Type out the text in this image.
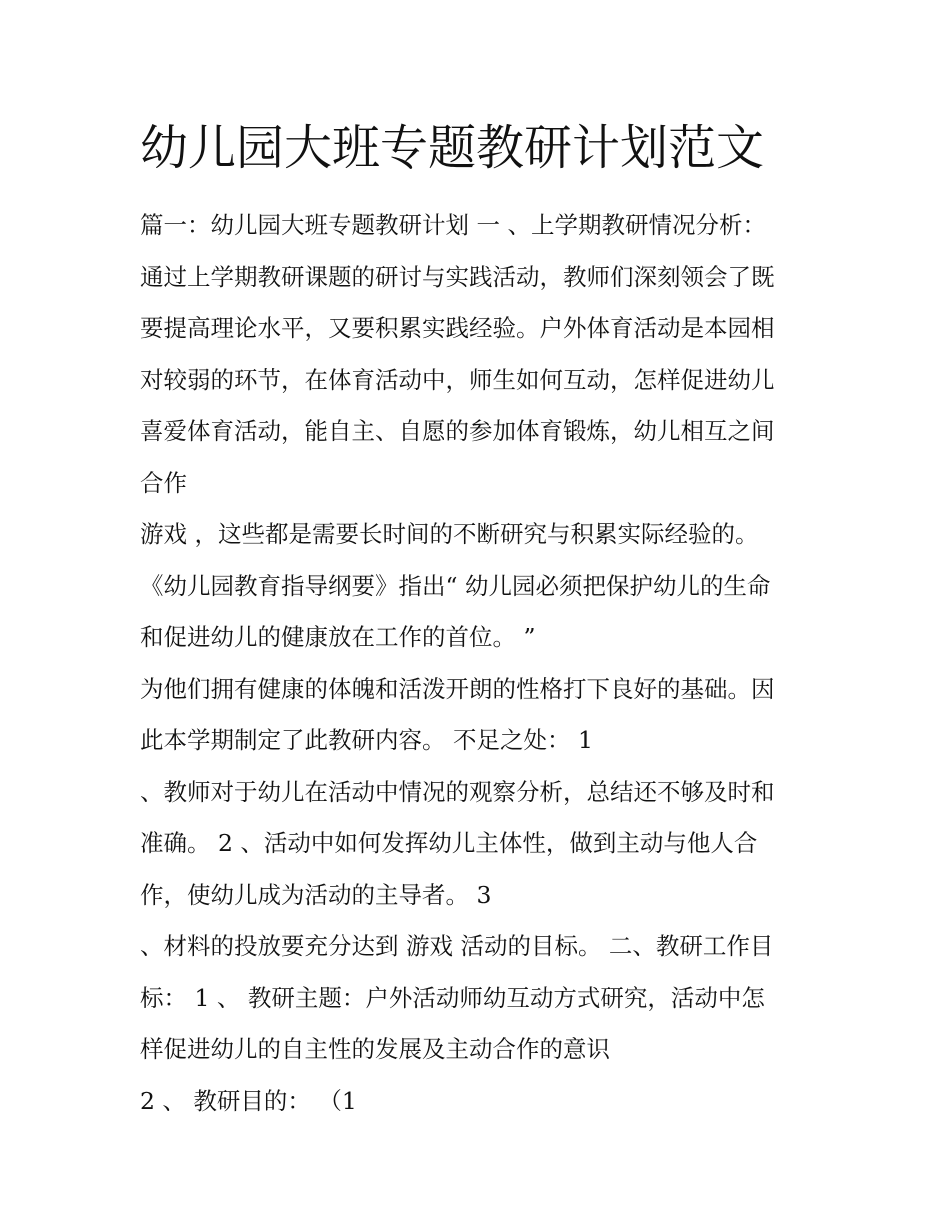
幼儿园大班专题教研计划范文

篇一：幼儿园大班专题教研计划 一 、上学期教研情况分析：

通过上学期教研课题的研讨与实践活动，教师们深刻领会了既

要提高理论水平，又要积累实践经验。户外体育活动是本园相

对较弱的环节，在体育活动中，师生如何互动，怎样促进幼儿

喜爱体育活动，能自主、自愿的参加体育锻炼，幼儿相互之间

合作

游戏 ，这些都是需要长时间的不断研究与积累实际经验的。

《幼儿园教育指导纲要》指出“ 幼儿园必须把保护幼儿的生命

和促进幼儿的健康放在工作的首位。 ”

为他们拥有健康的体魄和活泼开朗的性格打下良好的基础。因

此本学期制定了此教研内容。 不足之处： 1

、教师对于幼儿在活动中情况的观察分析，总结还不够及时和

准确。 2 、活动中如何发挥幼儿主体性，做到主动与他人合

作，使幼儿成为活动的主导者。 3

、材料的投放要充分达到 游戏 活动的目标。 二、教研工作目

标： 1 、 教研主题：户外活动师幼互动方式研究，活动中怎

样促进幼儿的自主性的发展及主动合作的意识

2 、 教研目的： （1
